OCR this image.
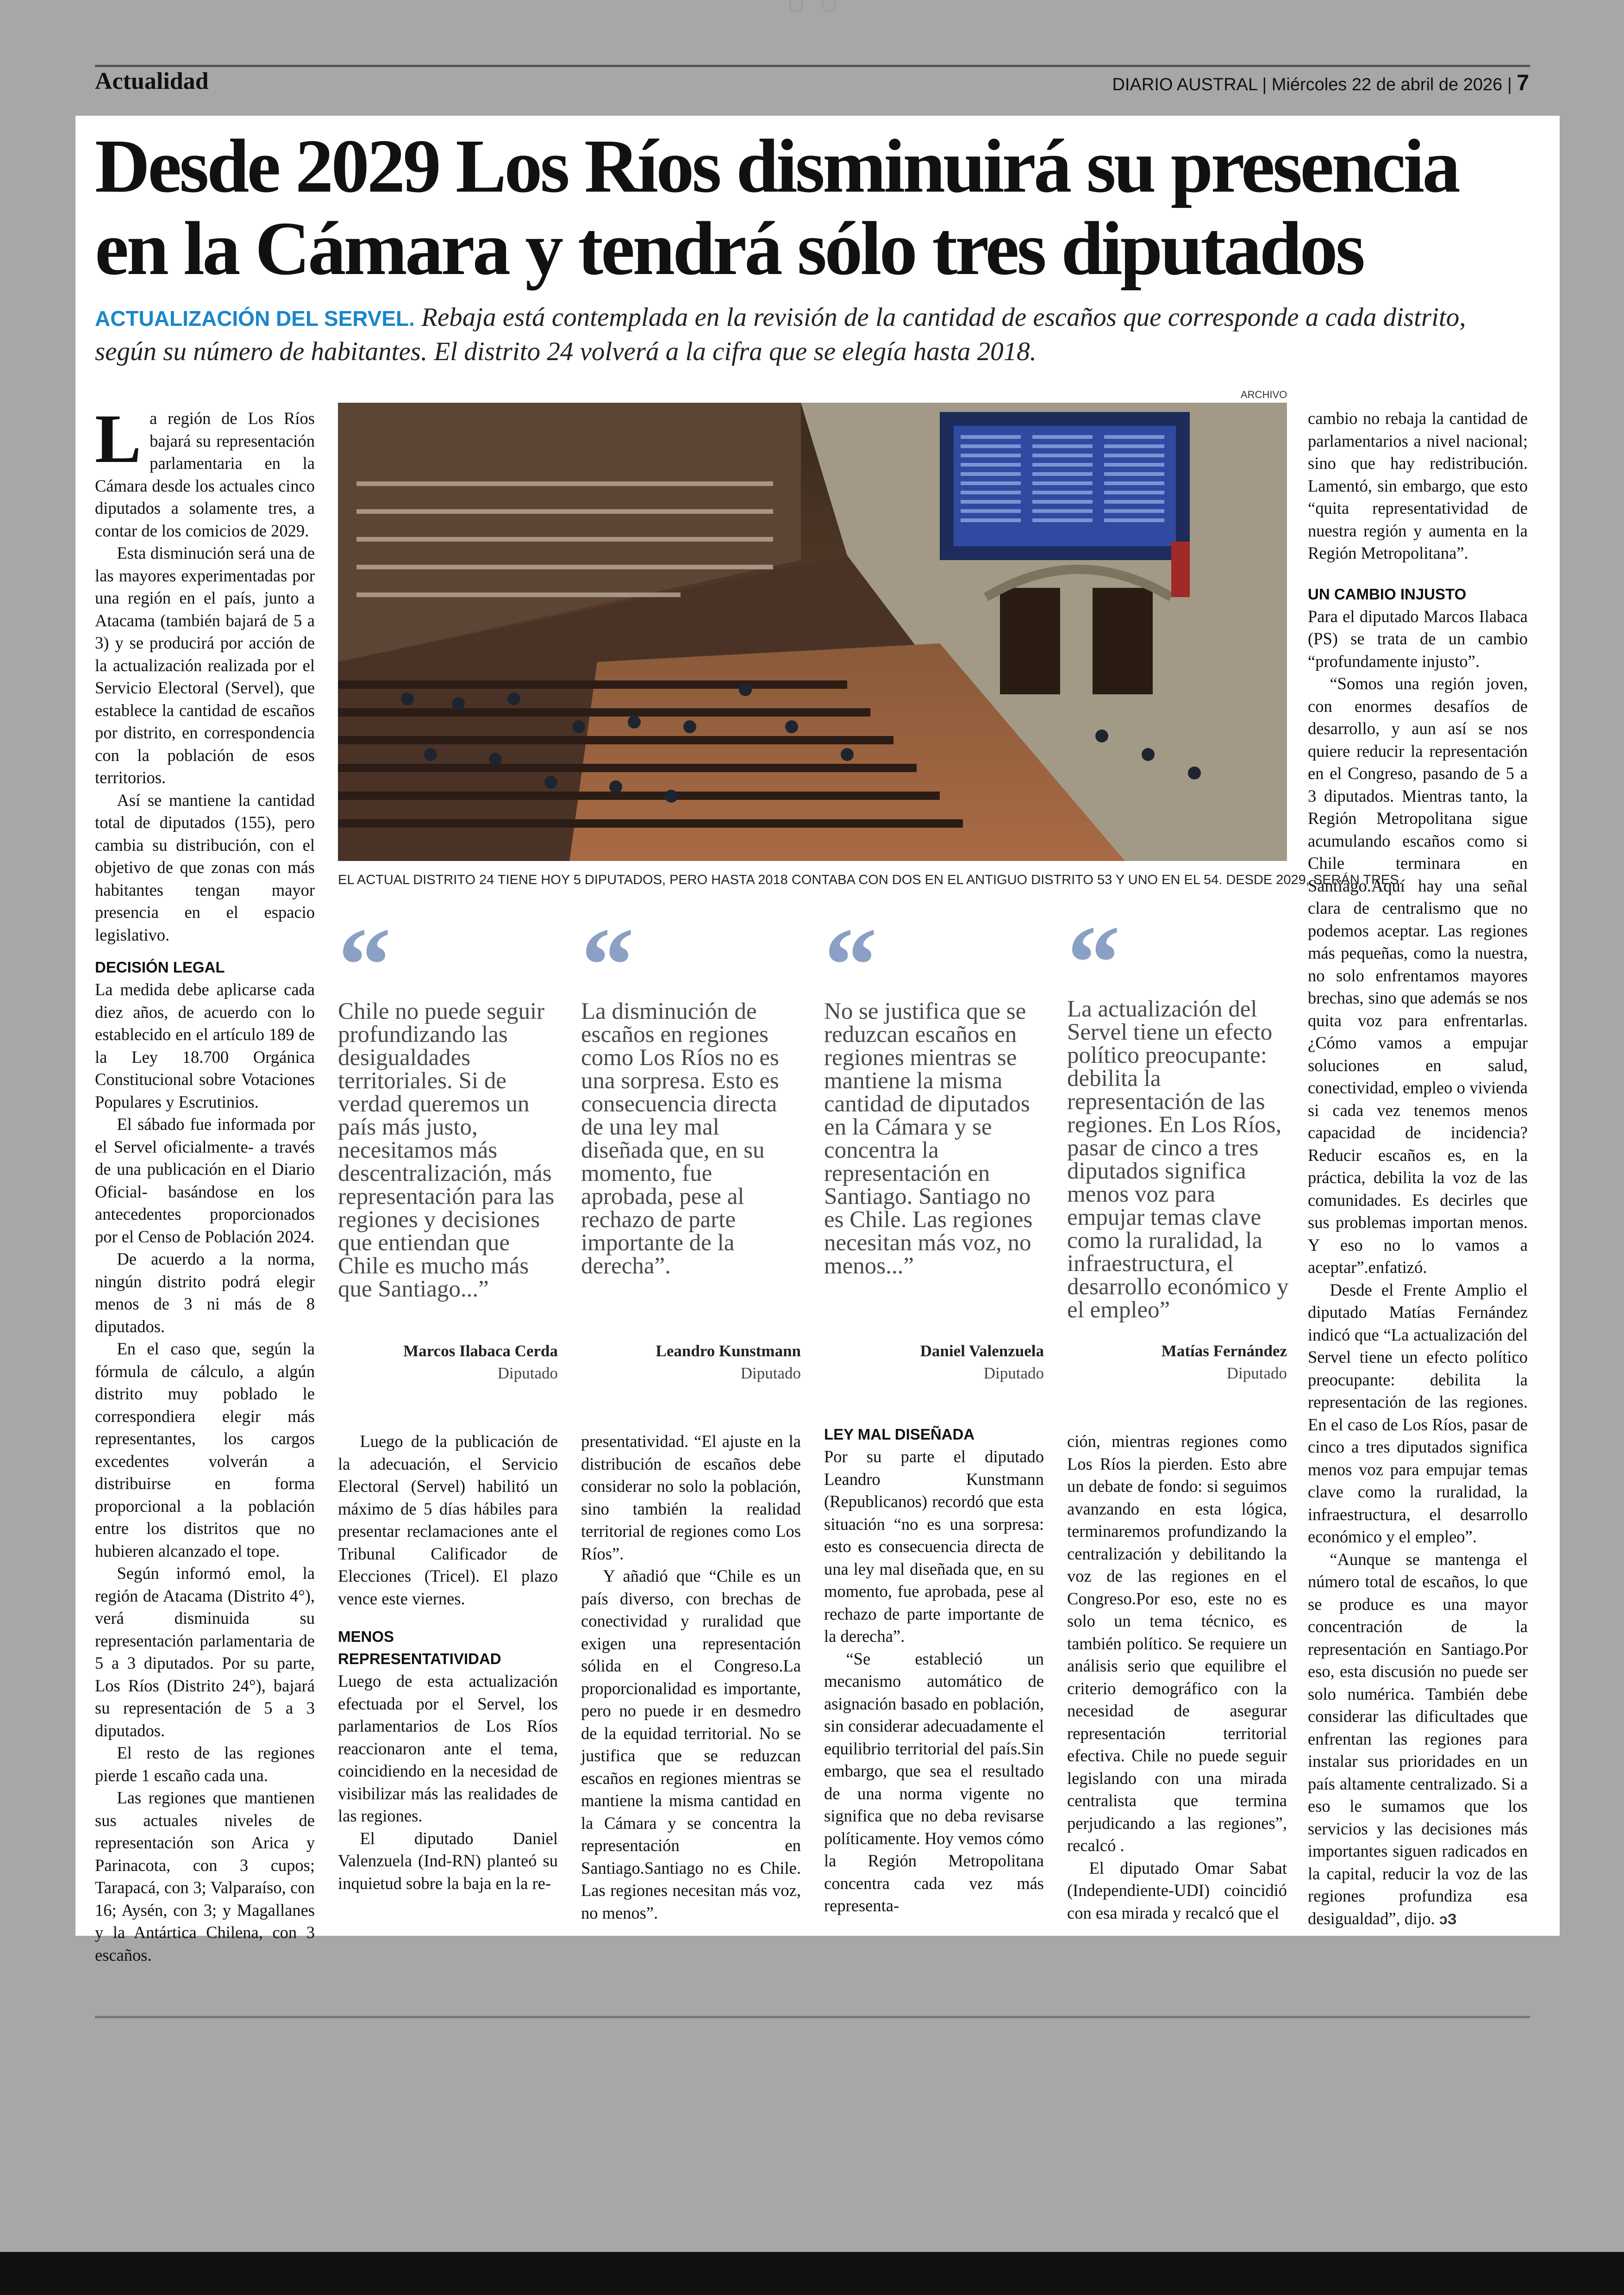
Actualidad	DIARIO AUSTRAL | Miércoles 22 de abril de 2026 | 7
Desde 2029 Los Ríos disminuirá su presencia en la Cámara y tendrá sólo tres diputados
ACTUALIZACIÓN DEL SERVEL. Rebaja está contemplada en la revisión de la cantidad de escaños que corresponde a cada distrito, según su número de habitantes. El distrito 24 volverá a la cifra que se elegía hasta 2018.

La región de Los Ríos bajará su representación parlamentaria en la Cámara desde los actuales cinco diputados a solamente tres, a contar de los comicios de 2029.

Esta disminución será una de las mayores experimentadas por una región en el país, junto a Atacama (también bajará de 5 a 3) y se producirá por acción de la actualización realizada por el Servicio Electoral (Servel), que establece la cantidad de escaños por distrito, en correspondencia con la población de esos territorios.

Así se mantiene la cantidad total de diputados (155), pero cambia su distribución, con el objetivo de que zonas con más habitantes tengan mayor presencia en el espacio legislativo.

DECISIÓN LEGAL

La medida debe aplicarse cada diez años, de acuerdo con lo establecido en el artículo 189 de la Ley 18.700 Orgánica Constitucional sobre Votaciones Populares y Escrutinios.

El sábado fue informada por el Servel oficialmente- a través de una publicación en el Diario Oficial- basándose en los antecedentes proporcionados por el Censo de Población 2024.

De acuerdo a la norma, ningún distrito podrá elegir menos de 3 ni más de 8 diputados.

En el caso que, según la fórmula de cálculo, a algún distrito muy poblado le correspondiera elegir más representantes, los cargos excedentes volverán a distribuirse en forma proporcional a la población entre los distritos que no hubieren alcanzado el tope.

Según informó emol, la región de Atacama (Distrito 4°), verá disminuida su representación parlamentaria de 5 a 3 diputados. Por su parte, Los Ríos (Distrito 24°), bajará su representación de 5 a 3 diputados.

El resto de las regiones pierde 1 escaño cada una.

Las regiones que mantienen sus actuales niveles de representación son Arica y Parinacota, con 3 cupos; Tarapacá, con 3; Valparaíso, con 16; Aysén, con 3; y Magallanes y la Antártica Chilena, con 3 escaños.

ARCHIVO
EL ACTUAL DISTRITO 24 TIENE HOY 5 DIPUTADOS, PERO HASTA 2018 CONTABA CON DOS EN EL ANTIGUO DISTRITO 53 Y UNO EN EL 54. DESDE 2029, SERÁN TRES.
“
Chile no puede seguir profundizando las desigualdades territoriales. Si de verdad queremos un país más justo, necesitamos más descentralización, más representación para las regiones y decisiones que entiendan que Chile es mucho más que Santiago...”
Marcos Ilabaca Cerda
Diputado
“
La disminución de escaños en regiones como Los Ríos no es una sorpresa. Esto es consecuencia directa de una ley mal diseñada que, en su momento, fue aprobada, pese al rechazo de parte importante de la derecha”.
Leandro Kunstmann
Diputado
“
No se justifica que se reduzcan escaños en regiones mientras se mantiene la misma cantidad de diputados en la Cámara y se concentra la representación en Santiago. Santiago no es Chile. Las regiones necesitan más voz, no menos...”
Daniel Valenzuela
Diputado
“
La actualización del Servel tiene un efecto político preocupante: debilita la representación de las regiones. En Los Ríos, pasar de cinco a tres diputados significa menos voz para empujar temas clave como la ruralidad, la infraestructura, el desarrollo económico y el empleo”
Matías Fernández
Diputado

Luego de la publicación de la adecuación, el Servicio Electoral (Servel) habilitó un máximo de 5 días hábiles para presentar reclamaciones ante el Tribunal Calificador de Elecciones (Tricel). El plazo vence este viernes.

MENOS REPRESENTATIVIDAD

Luego de esta actualización efectuada por el Servel, los parlamentarios de Los Ríos reaccionaron ante el tema, coincidiendo en la necesidad de visibilizar más las realidades de las regiones.

El diputado Daniel Valenzuela (Ind-RN) planteó su inquietud sobre la baja en la re-

presentatividad. “El ajuste en la distribución de escaños debe considerar no solo la población, sino también la realidad territorial de regiones como Los Ríos”.

Y añadió que “Chile es un país diverso, con brechas de conectividad y ruralidad que exigen una representación sólida en el Congreso.La proporcionalidad es importante, pero no puede ir en desmedro de la equidad territorial. No se justifica que se reduzcan escaños en regiones mientras se mantiene la misma cantidad en la Cámara y se concentra la representación en Santiago.Santiago no es Chile. Las regiones necesitan más voz, no menos”.

LEY MAL DISEÑADA

Por su parte el diputado Leandro Kunstmann (Republicanos) recordó que esta situación “no es una sorpresa: esto es consecuencia directa de una ley mal diseñada que, en su momento, fue aprobada, pese al rechazo de parte importante de la derecha”.

“Se estableció un mecanismo automático de asignación basado en población, sin considerar adecuadamente el equilibrio territorial del país.Sin embargo, que sea el resultado de una norma vigente no significa que no deba revisarse políticamente. Hoy vemos cómo la Región Metropolitana concentra cada vez más representa-

ción, mientras regiones como Los Ríos la pierden. Esto abre un debate de fondo: si seguimos avanzando en esta lógica, terminaremos profundizando la centralización y debilitando la voz de las regiones en el Congreso.Por eso, este no es solo un tema técnico, es también político. Se requiere un análisis serio que equilibre el criterio demográfico con la necesidad de asegurar representación territorial efectiva. Chile no puede seguir legislando con una mirada centralista que termina perjudicando a las regiones”, recalcó .

El diputado Omar Sabat (Independiente-UDI) coincidió con esa mirada y recalcó que el

cambio no rebaja la cantidad de parlamentarios a nivel nacional; sino que hay redistribución. Lamentó, sin embargo, que esto “quita representatividad de nuestra región y aumenta en la Región Metropolitana”.

UN CAMBIO INJUSTO

Para el diputado Marcos Ilabaca (PS) se trata de un cambio “profundamente injusto”.

“Somos una región joven, con enormes desafíos de desarrollo, y aun así se nos quiere reducir la representación en el Congreso, pasando de 5 a 3 diputados. Mientras tanto, la Región Metropolitana sigue acumulando escaños como si Chile terminara en Santiago.Aquí hay una señal clara de centralismo que no podemos aceptar. Las regiones más pequeñas, como la nuestra, no solo enfrentamos mayores brechas, sino que además se nos quita voz para enfrentarlas. ¿Cómo vamos a empujar soluciones en salud, conectividad, empleo o vivienda si cada vez tenemos menos capacidad de incidencia? Reducir escaños es, en la práctica, debilita la voz de las comunidades. Es decirles que sus problemas importan menos. Y eso no lo vamos a aceptar”.enfatizó.

Desde el Frente Amplio el diputado Matías Fernández indicó que “La actualización del Servel tiene un efecto político preocupante: debilita la representación de las regiones. En el caso de Los Ríos, pasar de cinco a tres diputados significa menos voz para empujar temas clave como la ruralidad, la infraestructura, el desarrollo económico y el empleo”.

“Aunque se mantenga el número total de escaños, lo que se produce es una mayor concentración de la representación en Santiago.Por eso, esta discusión no puede ser solo numérica. También debe considerar las dificultades que enfrentan las regiones para instalar sus prioridades en un país altamente centralizado. Si a eso le sumamos que los servicios y las decisiones más importantes siguen radicados en la capital, reducir la voz de las regiones profundiza esa desigualdad”, dijo. ↄЗ
